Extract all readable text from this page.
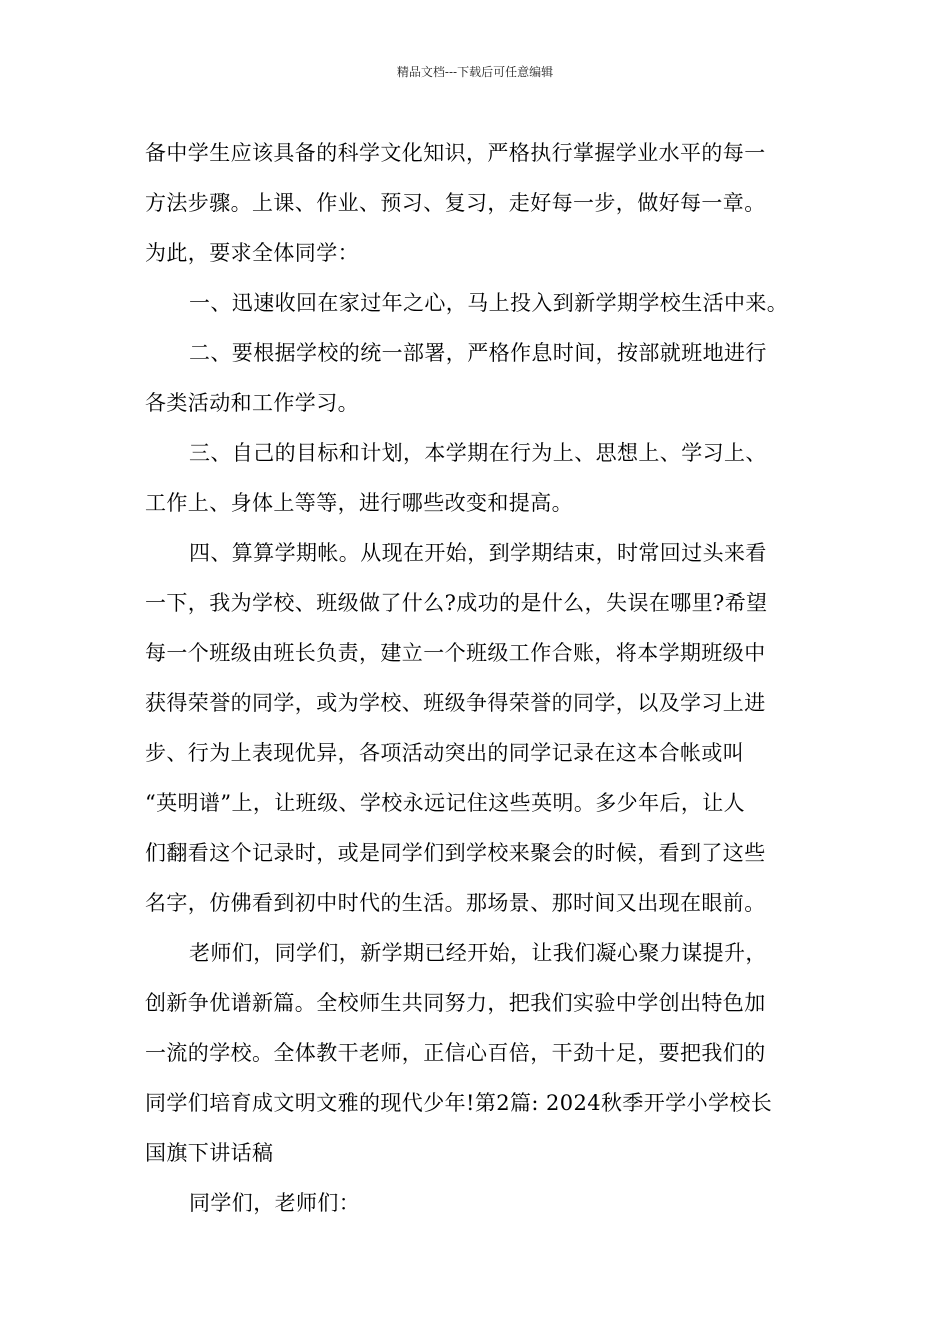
精品文档---下载后可任意编辑
备中学生应该具备的科学文化知识，严格执行掌握学业水平的每一
方法步骤。上课、作业、预习、复习，走好每一步，做好每一章。
为此，要求全体同学：
一、迅速收回在家过年之心，马上投入到新学期学校生活中来。
二、要根据学校的统一部署，严格作息时间，按部就班地进行
各类活动和工作学习。
三、自己的目标和计划，本学期在行为上、思想上、学习上、
工作上、身体上等等，进行哪些改变和提高。
四、算算学期帐。从现在开始，到学期结束，时常回过头来看
一下，我为学校、班级做了什么?成功的是什么，失误在哪里?希望
每一个班级由班长负责，建立一个班级工作合账，将本学期班级中
获得荣誉的同学，或为学校、班级争得荣誉的同学，以及学习上进
步、行为上表现优异，各项活动突出的同学记录在这本合帐或叫
“英明谱”上，让班级、学校永远记住这些英明。多少年后，让人
们翻看这个记录时，或是同学们到学校来聚会的时候，看到了这些
名字，仿佛看到初中时代的生活。那场景、那时间又出现在眼前。
老师们，同学们，新学期已经开始，让我们凝心聚力谋提升，
创新争优谱新篇。全校师生共同努力，把我们实验中学创出特色加
一流的学校。全体教干老师，正信心百倍，干劲十足，要把我们的
同学们培育成文明文雅的现代少年!第2篇: 2024秋季开学小学校长
国旗下讲话稿
同学们，老师们：
